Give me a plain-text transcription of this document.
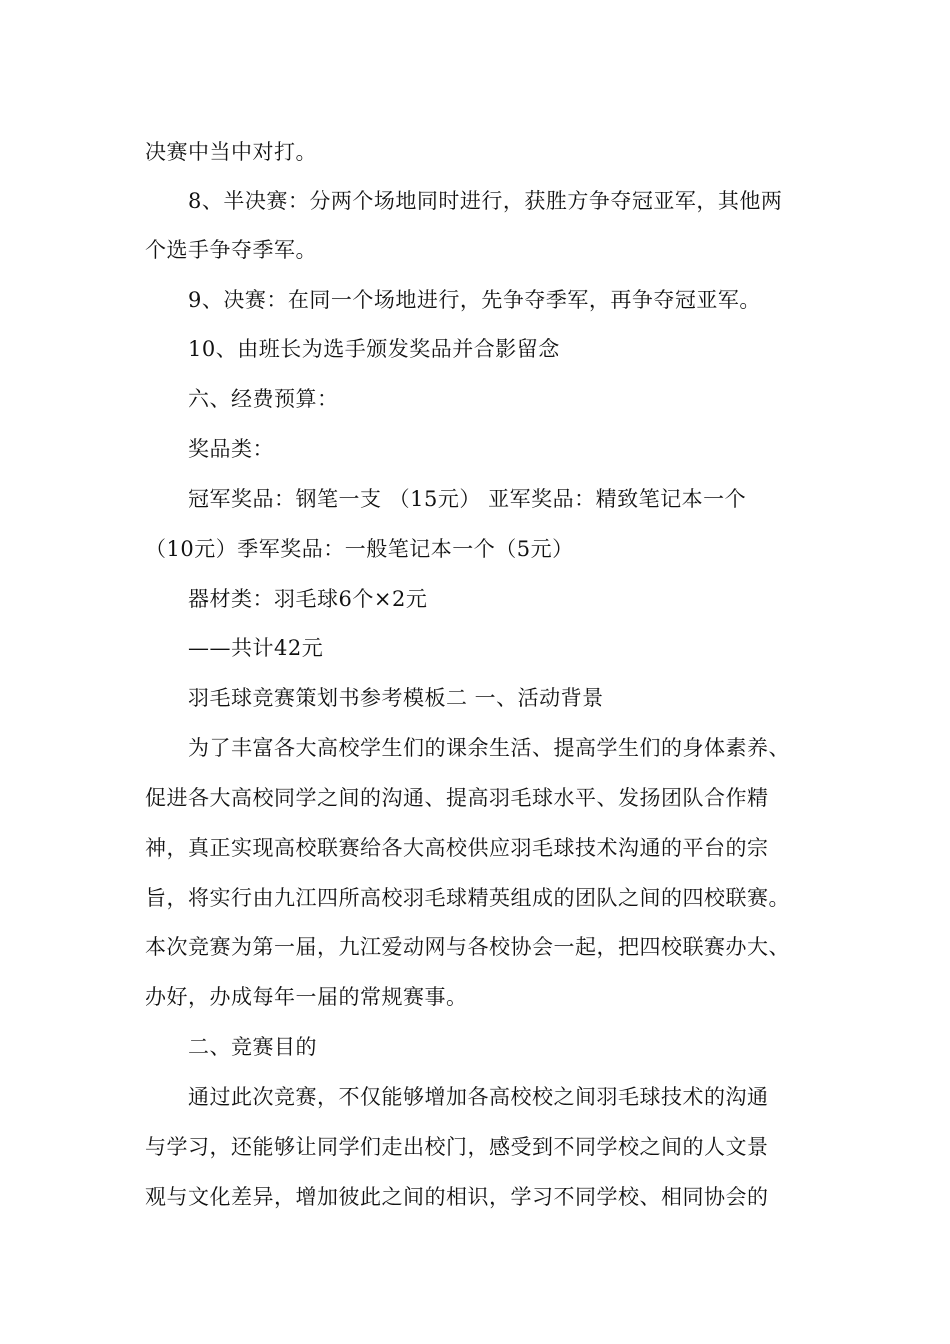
决赛中当中对打。
8、半决赛：分两个场地同时进行，获胜方争夺冠亚军，其他两
个选手争夺季军。
9、决赛：在同一个场地进行，先争夺季军，再争夺冠亚军。
10、由班长为选手颁发奖品并合影留念
六、经费预算：
奖品类：
冠军奖品：钢笔一支 （15元） 亚军奖品：精致笔记本一个
（10元）季军奖品：一般笔记本一个（5元）
器材类：羽毛球6个×2元
——共计42元
羽毛球竞赛策划书参考模板二 一、活动背景
为了丰富各大高校学生们的课余生活、提高学生们的身体素养、
促进各大高校同学之间的沟通、提高羽毛球水平、发扬团队合作精
神，真正实现高校联赛给各大高校供应羽毛球技术沟通的平台的宗
旨，将实行由九江四所高校羽毛球精英组成的团队之间的四校联赛。
本次竞赛为第一届，九江爱动网与各校协会一起，把四校联赛办大、
办好，办成每年一届的常规赛事。
二、竞赛目的
通过此次竞赛，不仅能够增加各高校校之间羽毛球技术的沟通
与学习，还能够让同学们走出校门，感受到不同学校之间的人文景
观与文化差异，增加彼此之间的相识，学习不同学校、相同协会的
